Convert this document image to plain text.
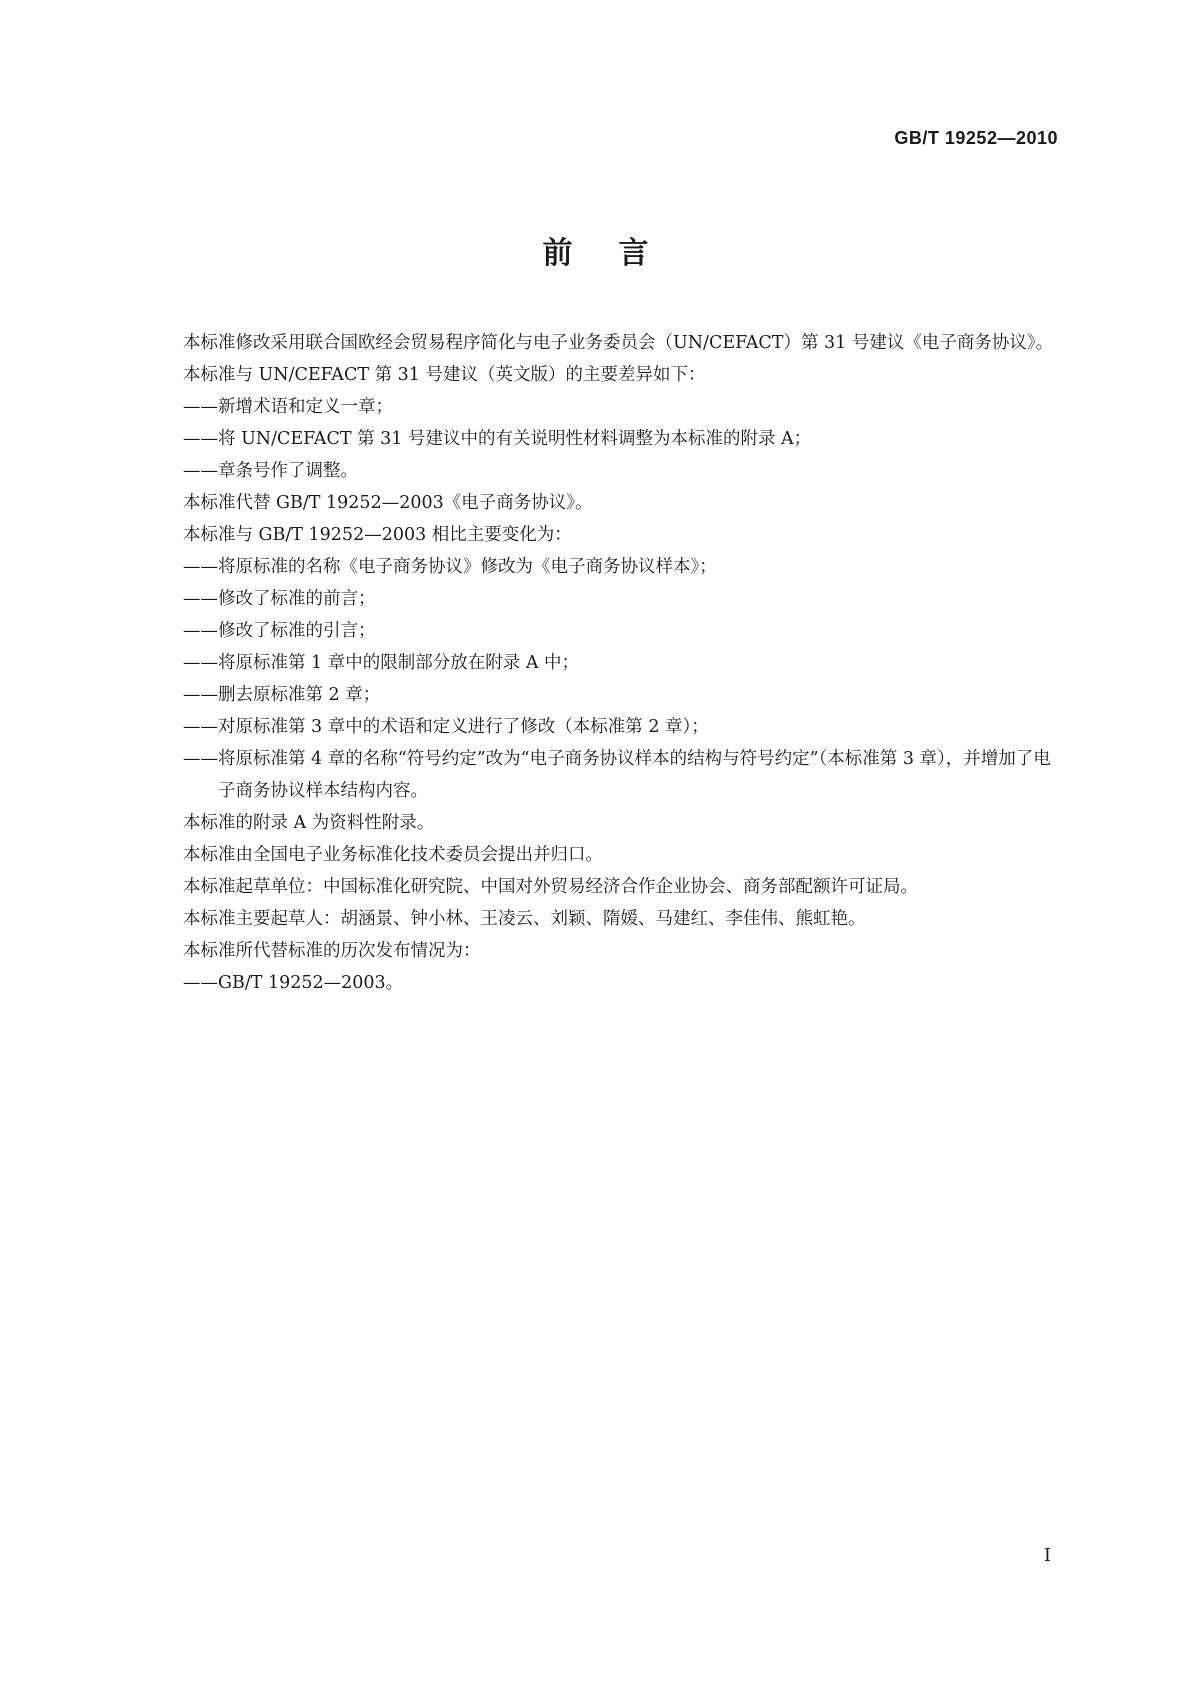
GB/T 19252—2010
前言

本标准修改采用联合国欧经会贸易程序简化与电子业务委员会（UN/CEFACT）第 31 号建议《电子商务协议》。

本标准与 UN/CEFACT 第 31 号建议（英文版）的主要差异如下：

——新增术语和定义一章；

——将 UN/CEFACT 第 31 号建议中的有关说明性材料调整为本标准的附录 A；

——章条号作了调整。

本标准代替 GB/T 19252—2003《电子商务协议》。

本标准与 GB/T 19252—2003 相比主要变化为：

——将原标准的名称《电子商务协议》修改为《电子商务协议样本》；

——修改了标准的前言；

——修改了标准的引言；

——将原标准第 1 章中的限制部分放在附录 A 中；

——删去原标准第 2 章；

——对原标准第 3 章中的术语和定义进行了修改（本标准第 2 章）；

——将原标准第 4 章的名称“符号约定”改为“电子商务协议样本的结构与符号约定”（本标准第 3 章），并增加了电子商务协议样本结构内容。

本标准的附录 A 为资料性附录。

本标准由全国电子业务标准化技术委员会提出并归口。

本标准起草单位：中国标准化研究院、中国对外贸易经济合作企业协会、商务部配额许可证局。

本标准主要起草人：胡涵景、钟小林、王凌云、刘颖、隋媛、马建红、李佳伟、熊虹艳。

本标准所代替标准的历次发布情况为：

——GB/T 19252—2003。

I
